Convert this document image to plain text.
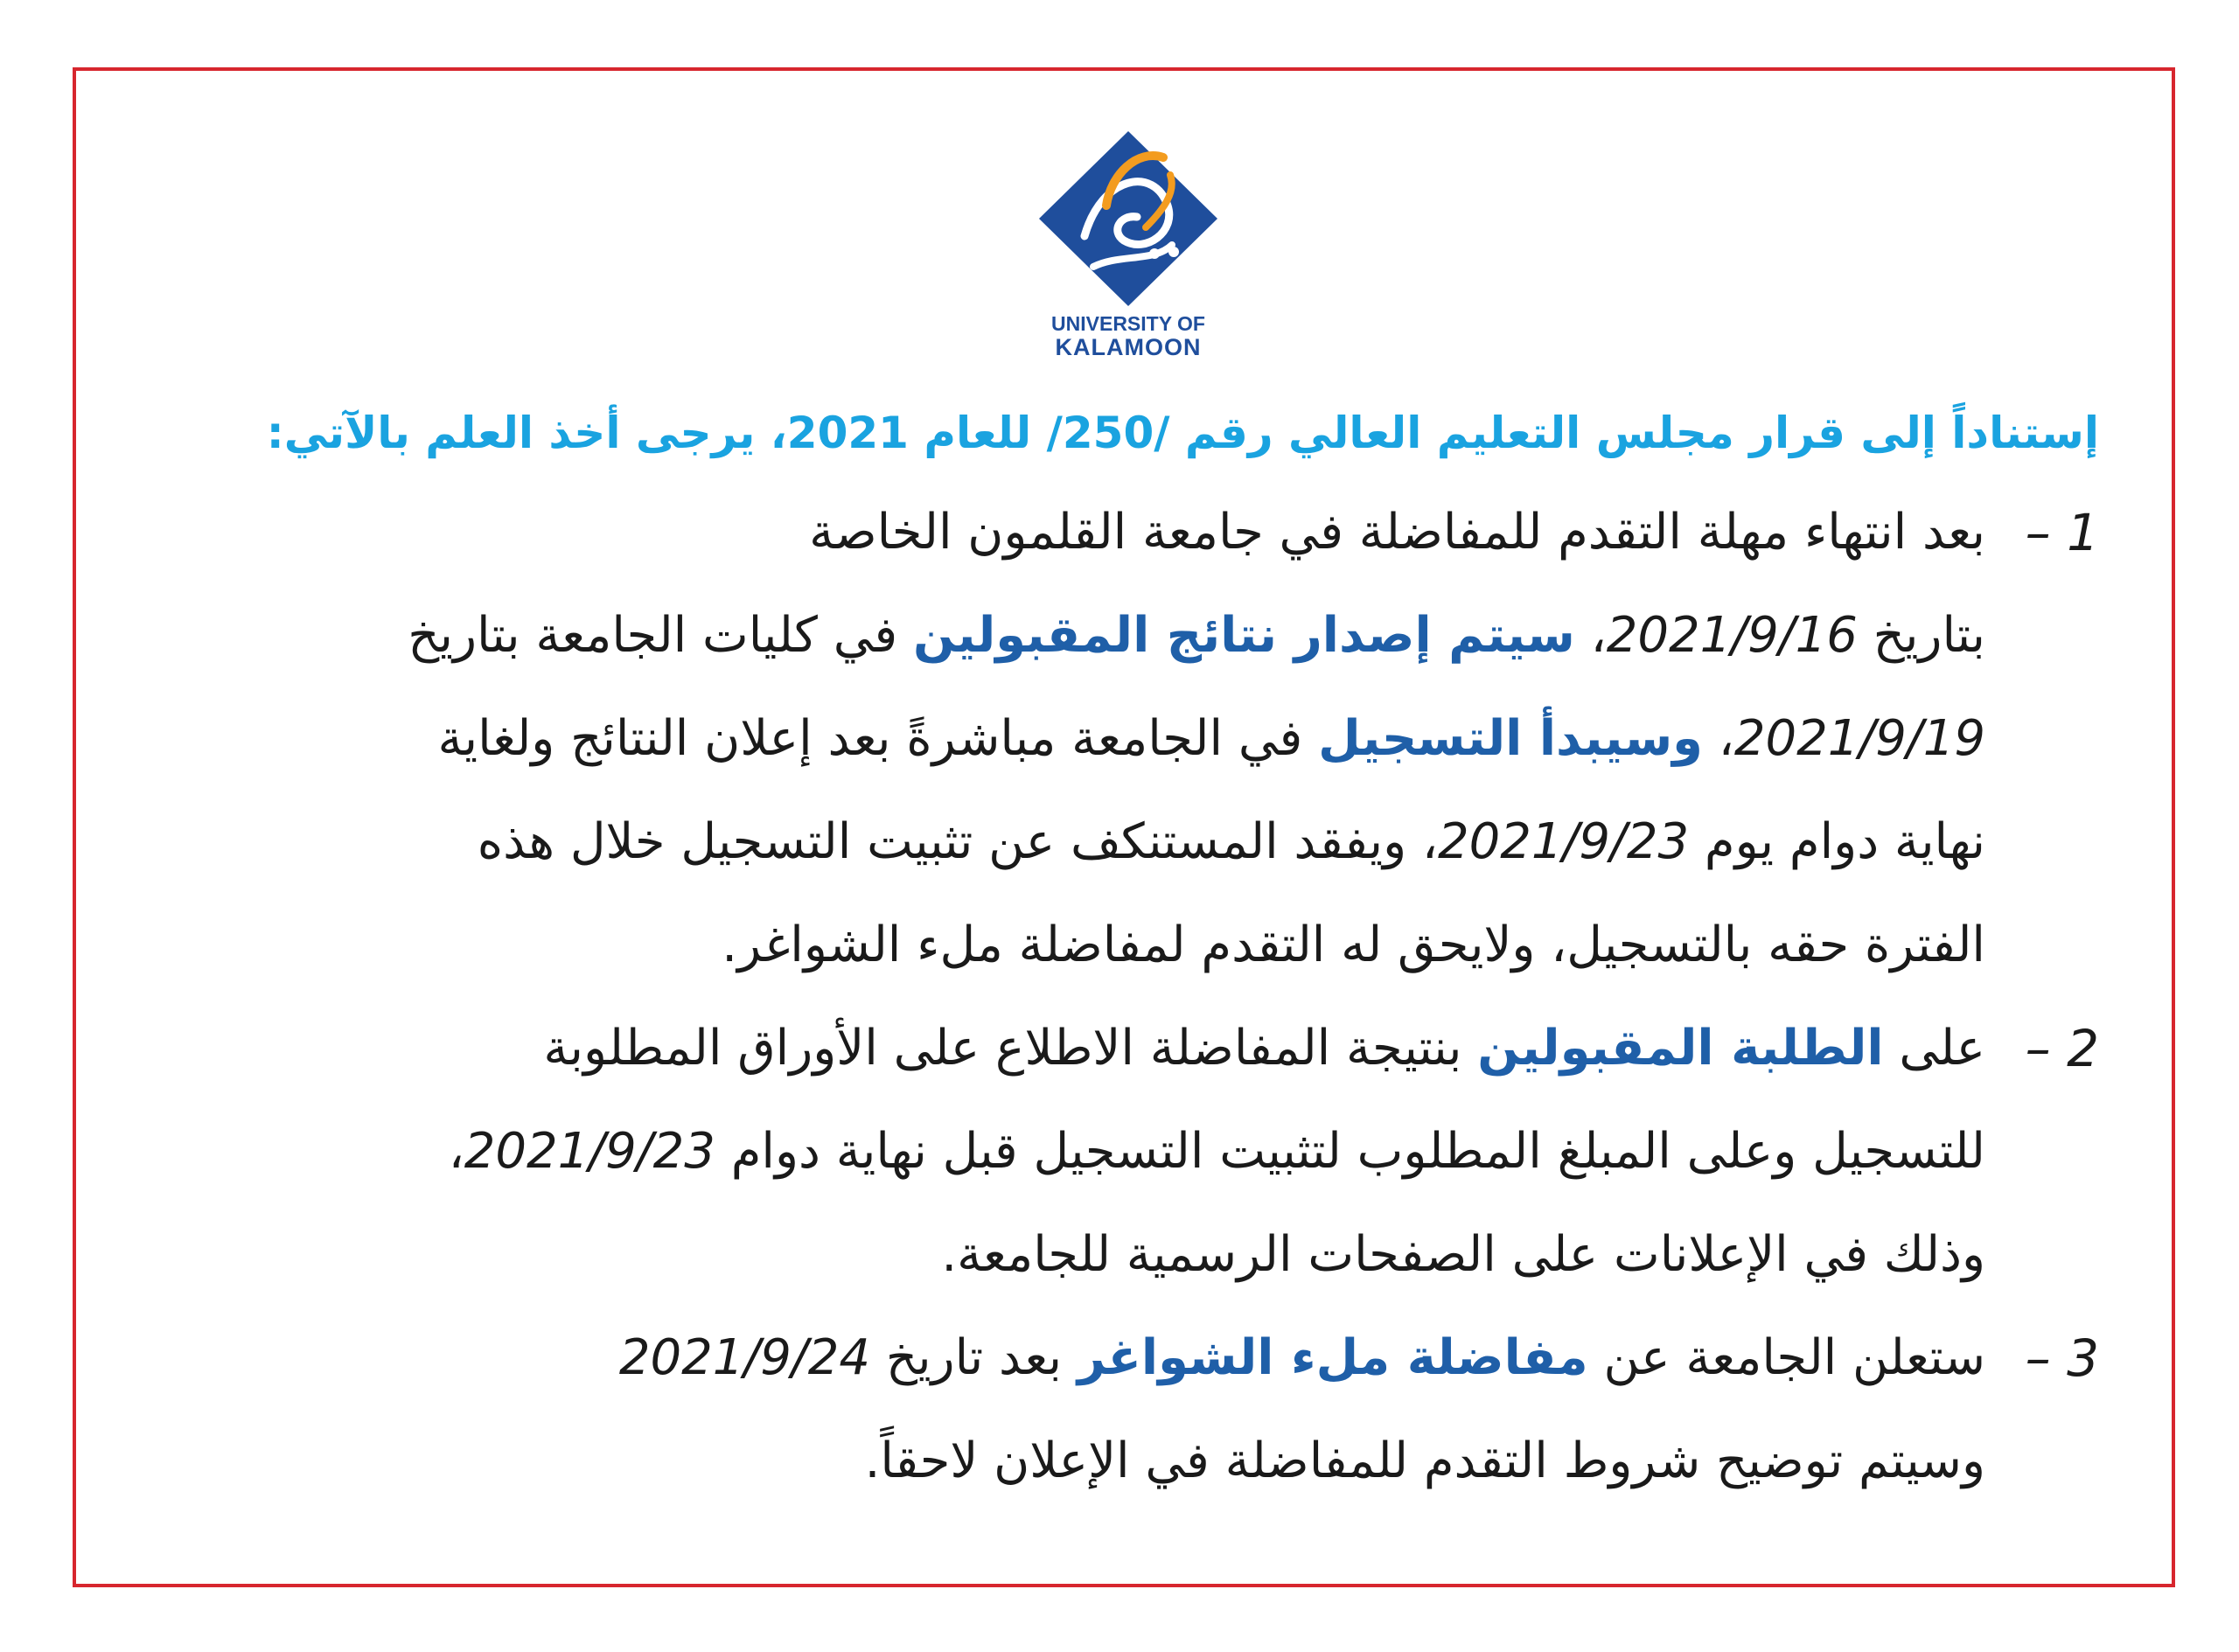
UNIVERSITY OF
KALAMOON

إستناداً إلى قرار مجلس التعليم العالي رقم /250/ للعام 2021، يرجى أخذ العلم بالآتي:

1 –
بعد انتهاء مهلة التقدم للمفاضلة في جامعة القلمون الخاصة
بتاريخ 2021/9/16، سيتم إصدار نتائج المقبولين في كليات الجامعة بتاريخ
2021/9/19، وسيبدأ التسجيل في الجامعة مباشرةً بعد إعلان النتائج ولغاية
نهاية دوام يوم 2021/9/23، ويفقد المستنكف عن تثبيت التسجيل خلال هذه
الفترة حقه بالتسجيل، ولايحق له التقدم لمفاضلة ملء الشواغر.
2 –
على الطلبة المقبولين بنتيجة المفاضلة الاطلاع على الأوراق المطلوبة
للتسجيل وعلى المبلغ المطلوب لتثبيت التسجيل قبل نهاية دوام 2021/9/23،
وذلك في الإعلانات على الصفحات الرسمية للجامعة.
3 –
ستعلن الجامعة عن مفاضلة ملء الشواغر بعد تاريخ 2021/9/24
وسيتم توضيح شروط التقدم للمفاضلة في الإعلان لاحقاً.
